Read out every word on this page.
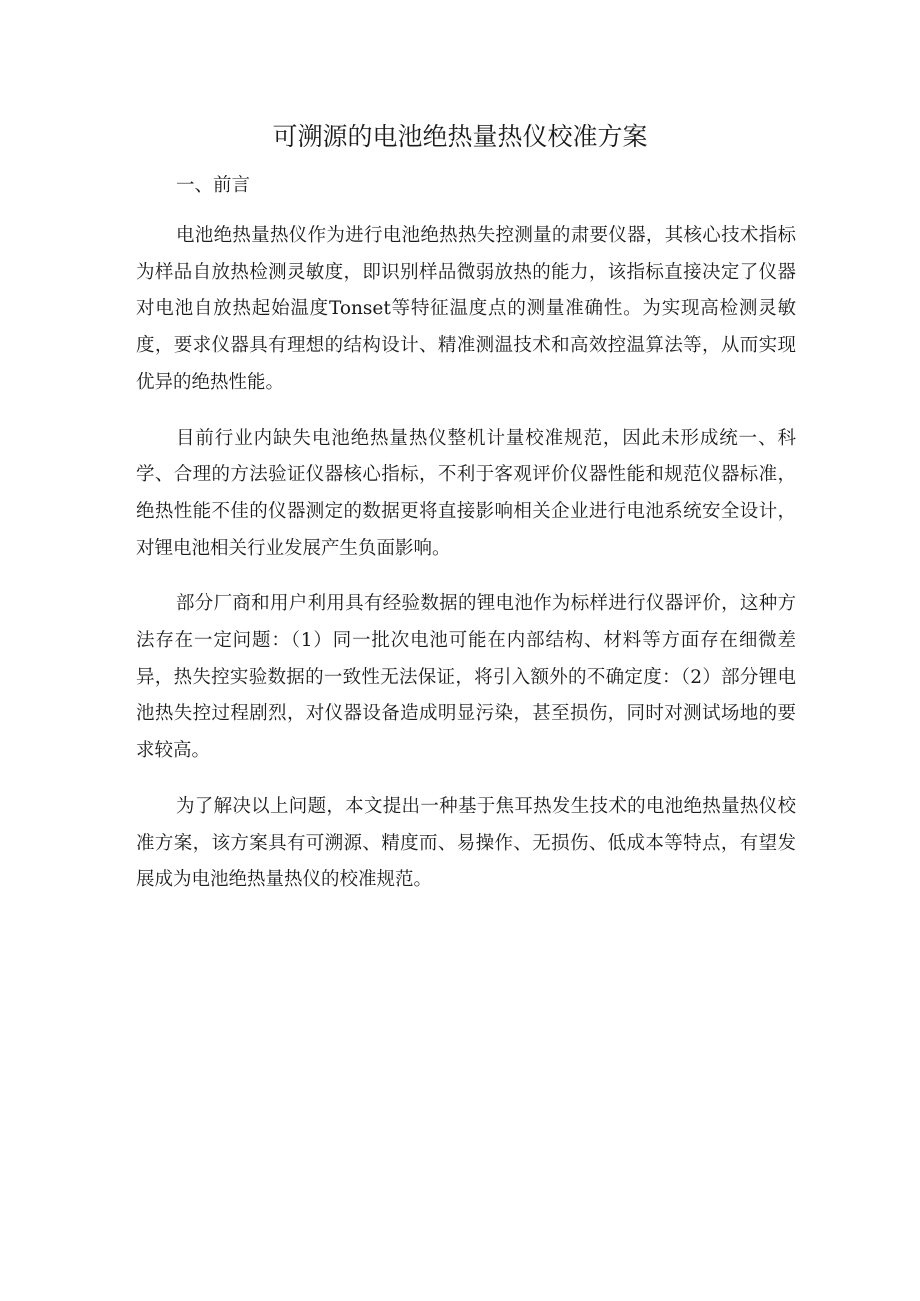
可溯源的电池绝热量热仪校准方案
一、前言

电池绝热量热仪作为进行电池绝热热失控测量的肃要仪器，其核心技术指标为样品自放热检测灵敏度，即识别样品微弱放热的能力，该指标直接决定了仪器对电池自放热起始温度Tonset等特征温度点的测量准确性。为实现高检测灵敏度，要求仪器具有理想的结构设计、精准测温技术和高效控温算法等，从而实现优异的绝热性能。

目前行业内缺失电池绝热量热仪整机计量校准规范，因此未形成统一、科学、合理的方法验证仪器核心指标，不利于客观评价仪器性能和规范仪器标准，绝热性能不佳的仪器测定的数据更将直接影响相关企业进行电池系统安全设计，对锂电池相关行业发展产生负面影响。

部分厂商和用户利用具有经验数据的锂电池作为标样进行仪器评价，这种方法存在一定问题：（1）同一批次电池可能在内部结构、材料等方面存在细微差异，热失控实验数据的一致性无法保证，将引入额外的不确定度：（2）部分锂电池热失控过程剧烈，对仪器设备造成明显污染，甚至损伤，同时对测试场地的要求较高。

为了解决以上问题，本文提出一种基于焦耳热发生技术的电池绝热量热仪校准方案，该方案具有可溯源、精度而、易操作、无损伤、低成本等特点，有望发展成为电池绝热量热仪的校准规范。
